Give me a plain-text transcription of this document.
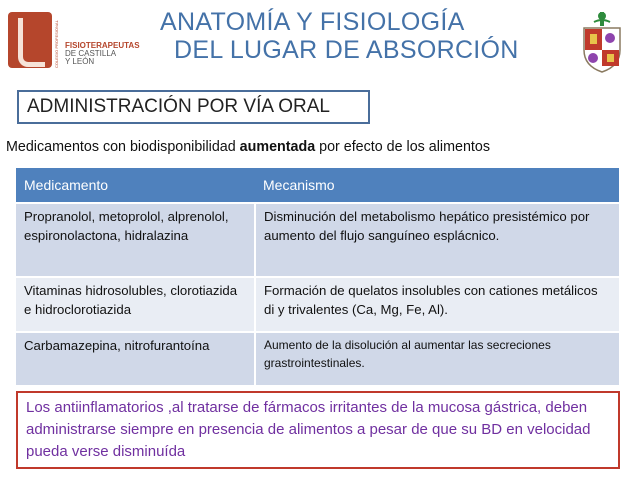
COLEGIO PROFESIONAL FISIOTERAPEUTAS
DE CASTILLA
Y LEÓN
ANATOMÍA Y FISIOLOGÍA
DEL LUGAR DE ABSORCIÓN
ADMINISTRACIÓN POR VÍA ORAL
Medicamentos con biodisponibilidad aumentada por efecto de los alimentos
Medicamento	Mecanismo
Propranolol, metoprolol, alprenolol, espironolactona, hidralazina	Disminución del metabolismo hepático presistémico por aumento del flujo sanguíneo esplácnico.
Vitaminas hidrosolubles, clorotiazida e hidroclorotiazida	Formación de quelatos insolubles con cationes metálicos di y trivalentes (Ca, Mg, Fe, Al).
Carbamazepina, nitrofurantoína	Aumento de la disolución al aumentar las secreciones grastrointestinales.
Los antiinflamatorios ,al tratarse de fármacos irritantes de la mucosa gástrica, deben administrarse siempre en presencia de alimentos a pesar de que su BD en velocidad pueda verse disminuída
